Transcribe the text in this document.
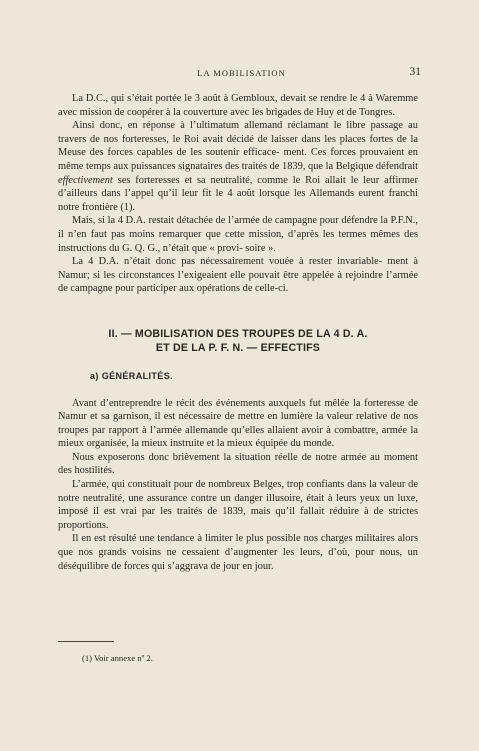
LA MOBILISATION	31

La D.C., qui s’était portée le 3 août à Gembloux, devait se rendre le 4 à Waremme avec mission de coopérer à la couverture avec les brigades de Huy et de Tongres.

Ainsi donc, en réponse à l’ultimatum allemand réclamant le libre passage au travers de nos forteresses, le Roi avait décidé de laisser dans les places fortes de la Meuse des forces capables de les soutenir efficace- ment. Ces forces prouvaient en même temps aux puissances signataires des traités de 1839, que la Belgique défendrait effectivement ses forteresses et sa neutralité, comme le Roi allait le leur affirmer d’ailleurs dans l’appel qu’il leur fit le 4 août lorsque les Allemands eurent franchi notre frontière (1).

Mais, si la 4 D.A. restait détachée de l’armée de campagne pour défendre la P.F.N., il n’en faut pas moins remarquer que cette mission, d’après les termes mêmes des instructions du G. Q. G., n’était que « provi- soire ».

La 4 D.A. n’était donc pas nécessairement vouée à rester invariable- ment à Namur; si les circonstances l’exigeaient elle pouvait être appelée à rejoindre l’armée de campagne pour participer aux opérations de celle-ci.

II. — MOBILISATION DES TROUPES DE LA 4 D. A.
ET DE LA P. F. N. — EFFECTIFS
a) GÉNÉRALITÉS.

Avant d’entreprendre le récit des événements auxquels fut mêlée la forteresse de Namur et sa garnison, il est nécessaire de mettre en lumière la valeur relative de nos troupes par rapport à l’armée allemande qu’elles allaient avoir à combattre, armée la mieux organisée, la mieux instruite et la mieux équipée du monde.

Nous exposerons donc brièvement la situation réelle de notre armée au moment des hostilités.

L’armée, qui constituait pour de nombreux Belges, trop confiants dans la valeur de notre neutralité, une assurance contre un danger illusoire, était à leurs yeux un luxe, imposé il est vrai par les traités de 1839, mais qu’il fallait réduire à de strictes proportions.

Il en est résulté une tendance à limiter le plus possible nos charges militaires alors que nos grands voisins ne cessaient d’augmenter les leurs, d’où, pour nous, un déséquilibre de forces qui s’aggrava de jour en jour.

(1) Voir annexe nº 2.
